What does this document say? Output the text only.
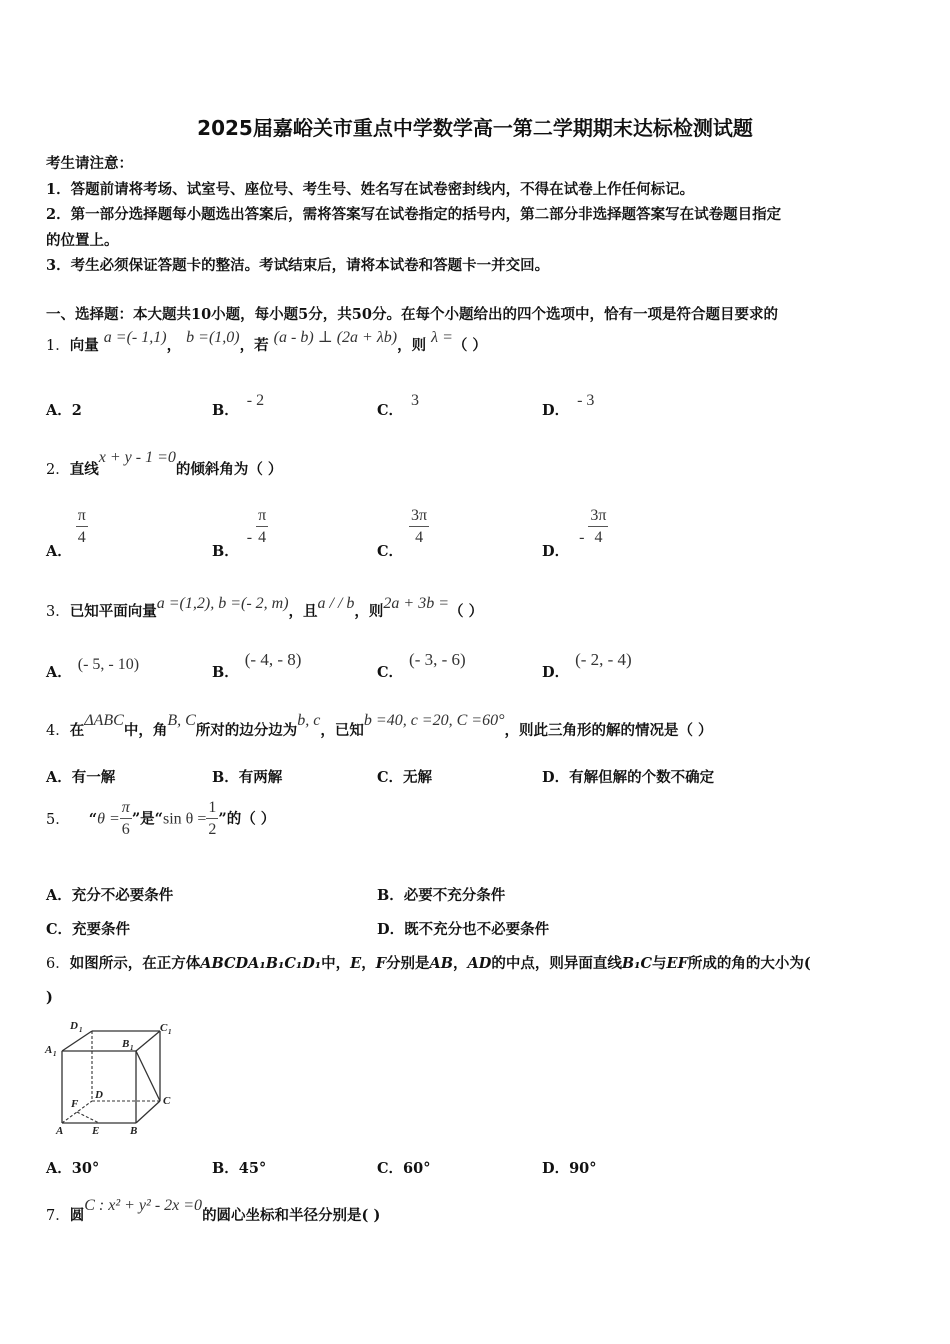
2025届嘉峪关市重点中学数学高一第二学期期末达标检测试题
考生请注意：
1．答题前请将考场、试室号、座位号、考生号、姓名写在试卷密封线内，不得在试卷上作任何标记。
2．第一部分选择题每小题选出答案后，需将答案写在试卷指定的括号内，第二部分非选择题答案写在试卷题目指定
的位置上。
3．考生必须保证答题卡的整洁。考试结束后，请将本试卷和答题卡一并交回。
一、选择题：本大题共10小题，每小题5分，共50分。在每个小题给出的四个选项中，恰有一项是符合题目要求的
1．向量 a =(- 1,1)， b =(1,0)，若 (a - b) ⊥ (2a + λb)，则 λ =（ ）
A．2	B．- 2
C．3
D．- 3
2．直线x + y - 1 =0的倾斜角为（ ）
A．
$\frac{\pi}{4}$
B．- $\frac{\pi}{4}$
C．
$\frac{3\pi}{4}$
D．- $\frac{3\pi}{4}$
3．已知平面向量a =(1,2), b =(- 2, m)，且a / / b，则2a + 3b =（ ）
A． (- 5, - 10)	B．(- 4, - 8)
C．(- 3, - 6)
D．(- 2, - 4)
4．在ΔABC中，角B, C所对的边分边为b, c，已知b =40, c =20, C =60°，则此三角形的解的情况是（ ）
A．有一解	B．有两解	C．无解	D．有解但解的个数不确定
5． “$\theta = \frac{\pi}{6}$ ”是“sin $\theta = \frac{1}{2}$ ”的（ ）
A．充分不必要条件	B．必要不充分条件
C．充要条件	D．既不充分也不必要条件
6．如图所示，在正方体ABCDA₁B₁C₁D₁中，E，F分别是AB，AD的中点，则异面直线B₁C与EF所成的角的大小为(
)
D 1
A 1
B 1
C 1
D
F	C
A	E	B
A．30°	B．45°	C．60°	D．90°
7．圆C : x² + y² - 2x =0的圆心坐标和半径分别是( )
